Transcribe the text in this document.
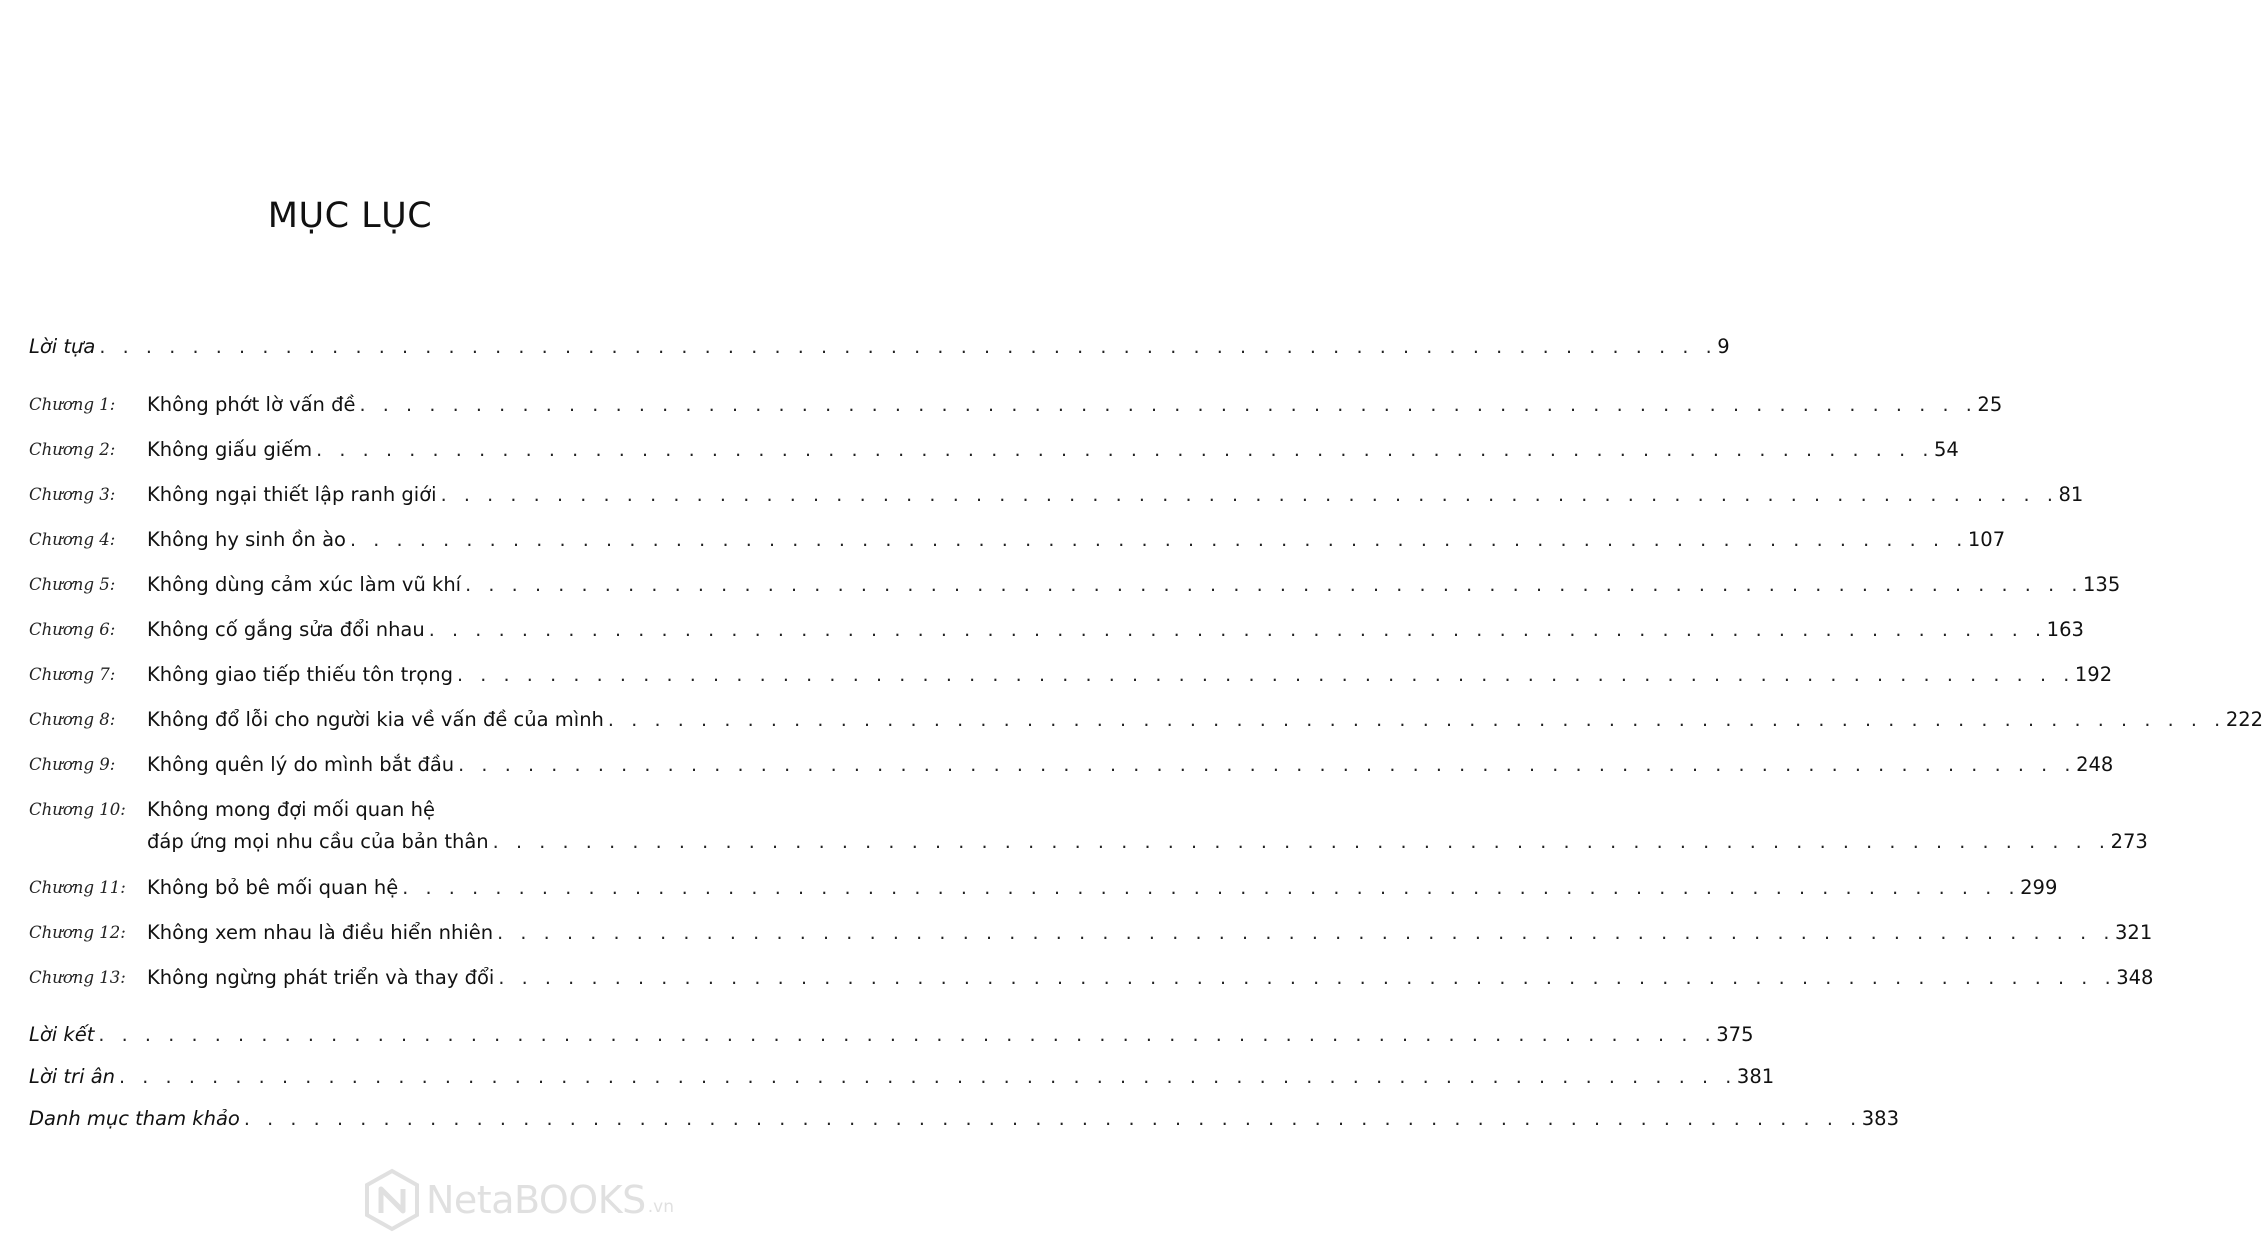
MỤC LỤC
Lời tựa . . . . . . . . . . . . . . . . . . . . . . . . . . . . . . . . . . . . . . . . . . . . . . . . . . . . . . . . . . . . . . . . . . . . . . 9
Chương 1:	Không phớt lờ vấn đề . . . . . . . . . . . . . . . . . . . . . . . . . . . . . . . . . . . . . . . . . . . . . . . . . . . . . . . . . . . . . . . . . . . . . . 25
Chương 2:	Không giấu giếm . . . . . . . . . . . . . . . . . . . . . . . . . . . . . . . . . . . . . . . . . . . . . . . . . . . . . . . . . . . . . . . . . . . . . . 54
Chương 3:	Không ngại thiết lập ranh giới . . . . . . . . . . . . . . . . . . . . . . . . . . . . . . . . . . . . . . . . . . . . . . . . . . . . . . . . . . . . . . . . . . . . . . 81
Chương 4:	Không hy sinh ồn ào . . . . . . . . . . . . . . . . . . . . . . . . . . . . . . . . . . . . . . . . . . . . . . . . . . . . . . . . . . . . . . . . . . . . . . 107
Chương 5:	Không dùng cảm xúc làm vũ khí . . . . . . . . . . . . . . . . . . . . . . . . . . . . . . . . . . . . . . . . . . . . . . . . . . . . . . . . . . . . . . . . . . . . . . 135
Chương 6:	Không cố gắng sửa đổi nhau . . . . . . . . . . . . . . . . . . . . . . . . . . . . . . . . . . . . . . . . . . . . . . . . . . . . . . . . . . . . . . . . . . . . . . 163
Chương 7:	Không giao tiếp thiếu tôn trọng . . . . . . . . . . . . . . . . . . . . . . . . . . . . . . . . . . . . . . . . . . . . . . . . . . . . . . . . . . . . . . . . . . . . . . 192
Chương 8:	Không đổ lỗi cho người kia về vấn đề của mình . . . . . . . . . . . . . . . . . . . . . . . . . . . . . . . . . . . . . . . . . . . . . . . . . . . . . . . . . . . . . . . . . . . . . . 222
Chương 9:	Không quên lý do mình bắt đầu . . . . . . . . . . . . . . . . . . . . . . . . . . . . . . . . . . . . . . . . . . . . . . . . . . . . . . . . . . . . . . . . . . . . . . 248
Chương 10:	Không mong đợi mối quan hệ
đáp ứng mọi nhu cầu của bản thân . . . . . . . . . . . . . . . . . . . . . . . . . . . . . . . . . . . . . . . . . . . . . . . . . . . . . . . . . . . . . . . . . . . . . . 273
Chương 11:	Không bỏ bê mối quan hệ . . . . . . . . . . . . . . . . . . . . . . . . . . . . . . . . . . . . . . . . . . . . . . . . . . . . . . . . . . . . . . . . . . . . . . 299
Chương 12:	Không xem nhau là điều hiển nhiên . . . . . . . . . . . . . . . . . . . . . . . . . . . . . . . . . . . . . . . . . . . . . . . . . . . . . . . . . . . . . . . . . . . . . . 321
Chương 13:	Không ngừng phát triển và thay đổi . . . . . . . . . . . . . . . . . . . . . . . . . . . . . . . . . . . . . . . . . . . . . . . . . . . . . . . . . . . . . . . . . . . . . . 348
Lời kết . . . . . . . . . . . . . . . . . . . . . . . . . . . . . . . . . . . . . . . . . . . . . . . . . . . . . . . . . . . . . . . . . . . . . . 375
Lời tri ân . . . . . . . . . . . . . . . . . . . . . . . . . . . . . . . . . . . . . . . . . . . . . . . . . . . . . . . . . . . . . . . . . . . . . . 381
Danh mục tham khảo . . . . . . . . . . . . . . . . . . . . . . . . . . . . . . . . . . . . . . . . . . . . . . . . . . . . . . . . . . . . . . . . . . . . . . 383
NetaBOOKS .vn
